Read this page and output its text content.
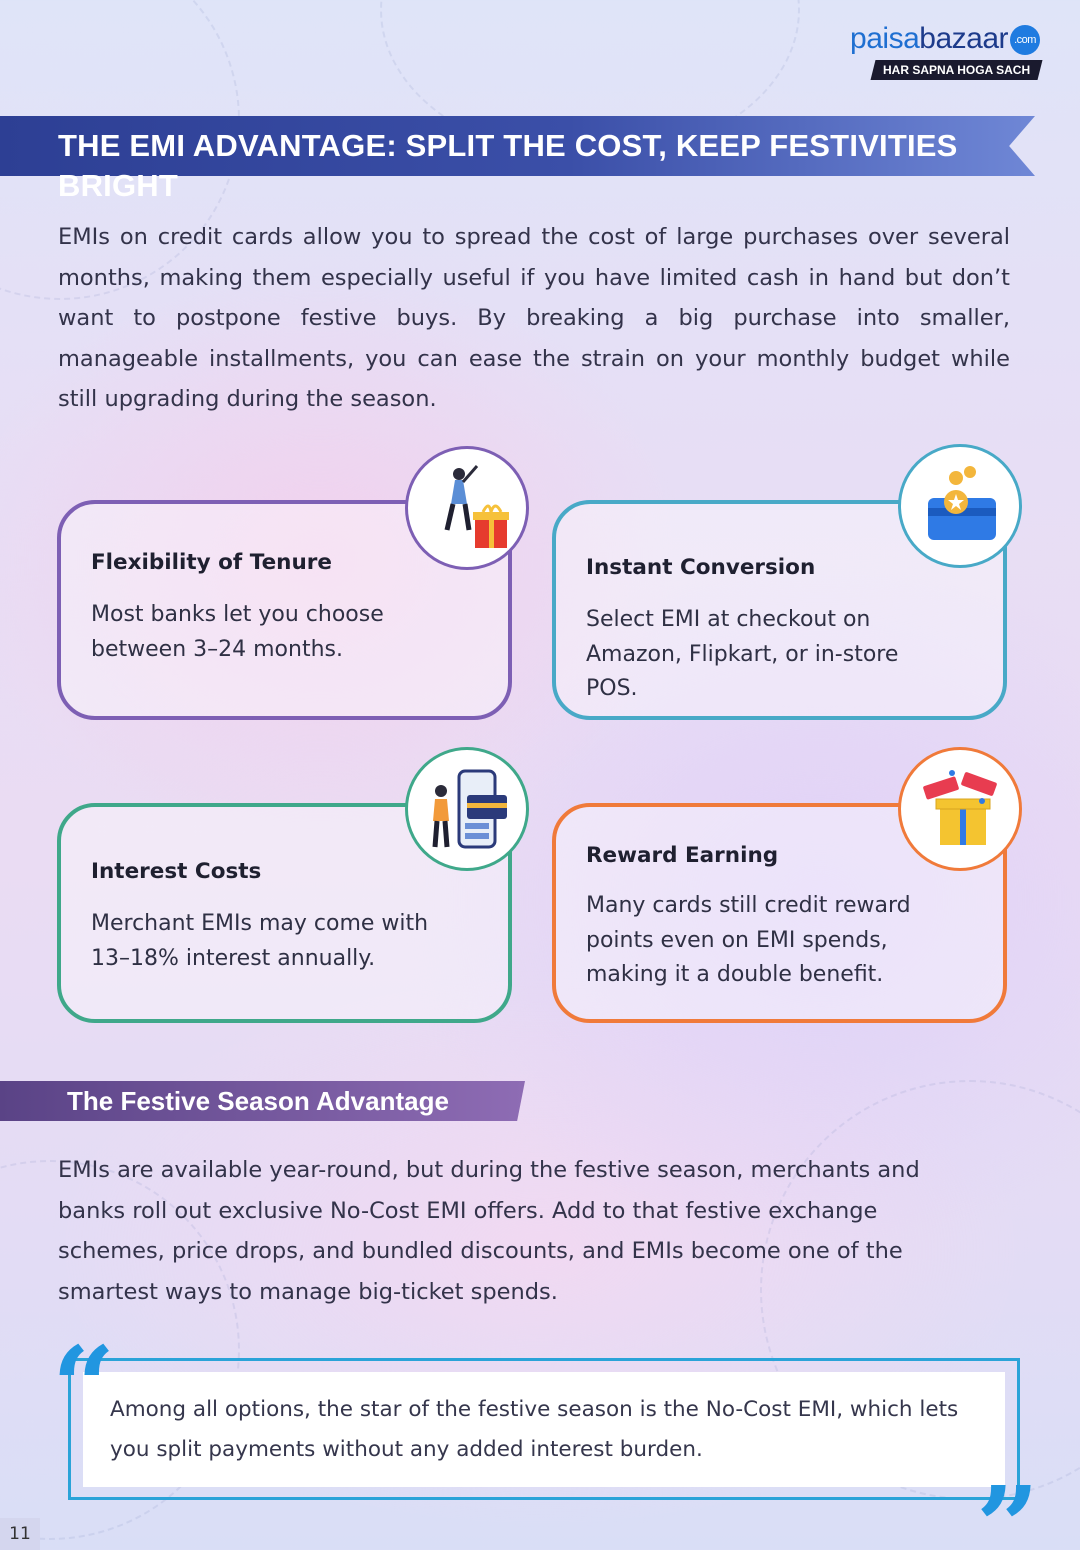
paisabazaar .com
HAR SAPNA HOGA SACH
THE EMI ADVANTAGE: SPLIT THE COST, KEEP FESTIVITIES BRIGHT

EMIs on credit cards allow you to spread the cost of large purchases over several months, making them especially useful if you have limited cash in hand but don’t want to postpone festive buys. By breaking a big purchase into smaller, manageable installments, you can ease the strain on your monthly budget while still upgrading during the season.

Flexibility of Tenure
Most banks let you choose between 3–24 months.
Instant Conversion
Select EMI at checkout on Amazon, Flipkart, or in-store POS.
Interest Costs
Merchant EMIs may come with 13–18% interest annually.
Reward Earning
Many cards still credit reward points even on EMI spends, making it a double benefit.
The Festive Season Advantage

EMIs are available year-round, but during the festive season, merchants and banks roll out exclusive No-Cost EMI offers. Add to that festive exchange schemes, price drops, and bundled discounts, and EMIs become one of the smartest ways to manage big-ticket spends.

“

Among all options, the star of the festive season is the No-Cost EMI, which lets you split payments without any added interest burden.

”
11
